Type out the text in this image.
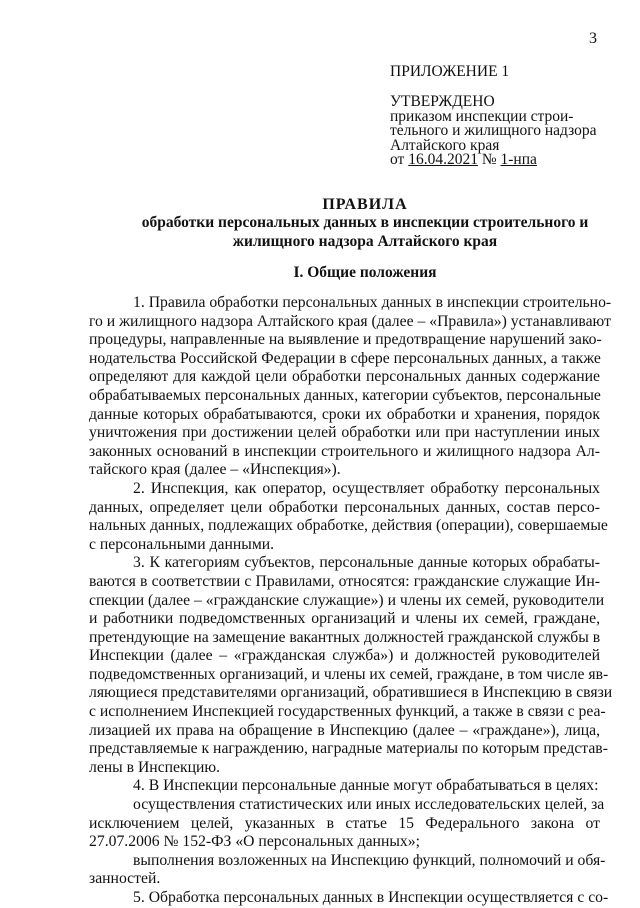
3
ПРИЛОЖЕНИЕ 1
УТВЕРЖДЕНО
приказом инспекции строи-
тельного и жилищного надзора
Алтайского края
от 16.04.2021 № 1-нпа
ПРАВИЛА
обработки персональных данных в инспекции строительного и
жилищного надзора Алтайского края
I. Общие положения
1. Правила обработки персональных данных в инспекции строительно-
го и жилищного надзора Алтайского края (далее – «Правила») устанавливают
процедуры, направленные на выявление и предотвращение нарушений зако-
нодательства Российской Федерации в сфере персональных данных, а также
определяют для каждой цели обработки персональных данных содержание
обрабатываемых персональных данных, категории субъектов, персональные
данные которых обрабатываются, сроки их обработки и хранения, порядок
уничтожения при достижении целей обработки или при наступлении иных
законных оснований в инспекции строительного и жилищного надзора Ал-
тайского края (далее – «Инспекция»).
2. Инспекция, как оператор, осуществляет обработку персональных
данных, определяет цели обработки персональных данных, состав персо-
нальных данных, подлежащих обработке, действия (операции), совершаемые
с персональными данными.
3. К категориям субъектов, персональные данные которых обрабаты-
ваются в соответствии с Правилами, относятся: гражданские служащие Ин-
спекции (далее – «гражданские служащие») и члены их семей, руководители
и работники подведомственных организаций и члены их семей, граждане,
претендующие на замещение вакантных должностей гражданской службы в
Инспекции (далее – «гражданская служба») и должностей руководителей
подведомственных организаций, и члены их семей, граждане, в том числе яв-
ляющиеся представителями организаций, обратившиеся в Инспекцию в связи
с исполнением Инспекцией государственных функций, а также в связи с реа-
лизацией их права на обращение в Инспекцию (далее – «граждане»), лица,
представляемые к награждению, наградные материалы по которым представ-
лены в Инспекцию.
4. В Инспекции персональные данные могут обрабатываться в целях:
осуществления статистических или иных исследовательских целей, за
исключением целей, указанных в статье 15 Федерального закона от
27.07.2006 № 152-ФЗ «О персональных данных»;
выполнения возложенных на Инспекцию функций, полномочий и обя-
занностей.
5. Обработка персональных данных в Инспекции осуществляется с со-
